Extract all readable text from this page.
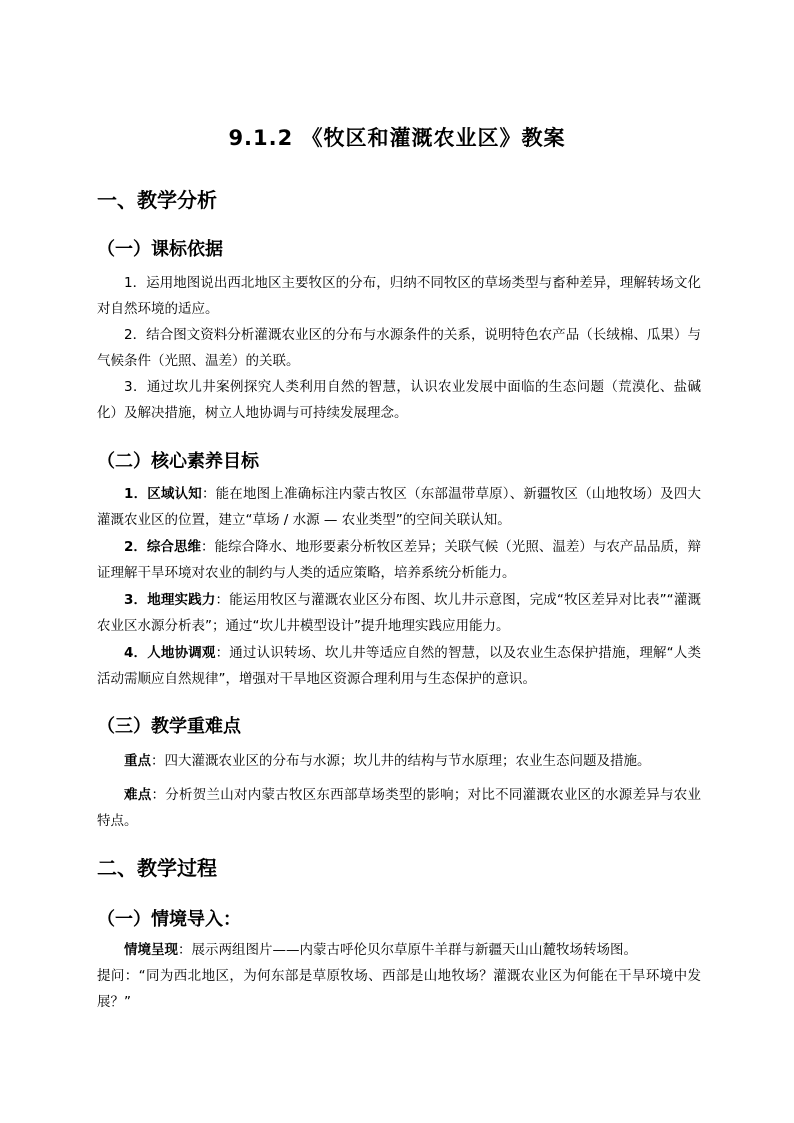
9.1.2 《牧区和灌溉农业区》教案
一、教学分析
（一）课标依据
1．运用地图说出西北地区主要牧区的分布，归纳不同牧区的草场类型与畜种差异，理解转场文化对自然环境的适应。
2．结合图文资料分析灌溉农业区的分布与水源条件的关系，说明特色农产品（长绒棉、瓜果）与气候条件（光照、温差）的关联。
3．通过坎儿井案例探究人类利用自然的智慧，认识农业发展中面临的生态问题（荒漠化、盐碱化）及解决措施，树立人地协调与可持续发展理念。
（二）核心素养目标
1．区域认知：能在地图上准确标注内蒙古牧区（东部温带草原）、新疆牧区（山地牧场）及四大灌溉农业区的位置，建立“草场 / 水源 — 农业类型”的空间关联认知。
2．综合思维：能综合降水、地形要素分析牧区差异；关联气候（光照、温差）与农产品品质，辩证理解干旱环境对农业的制约与人类的适应策略，培养系统分析能力。
3．地理实践力：能运用牧区与灌溉农业区分布图、坎儿井示意图，完成“牧区差异对比表”“灌溉农业区水源分析表”；通过“坎儿井模型设计”提升地理实践应用能力。
4．人地协调观：通过认识转场、坎儿井等适应自然的智慧，以及农业生态保护措施，理解“人类活动需顺应自然规律”，增强对干旱地区资源合理利用与生态保护的意识。
（三）教学重难点
重点：四大灌溉农业区的分布与水源；坎儿井的结构与节水原理；农业生态问题及措施。
难点：分析贺兰山对内蒙古牧区东西部草场类型的影响；对比不同灌溉农业区的水源差异与农业特点。
二、教学过程
（一）情境导入：
情境呈现：展示两组图片——内蒙古呼伦贝尔草原牛羊群与新疆天山山麓牧场转场图。
提问：“同为西北地区，为何东部是草原牧场、西部是山地牧场？灌溉农业区为何能在干旱环境中发展？”
